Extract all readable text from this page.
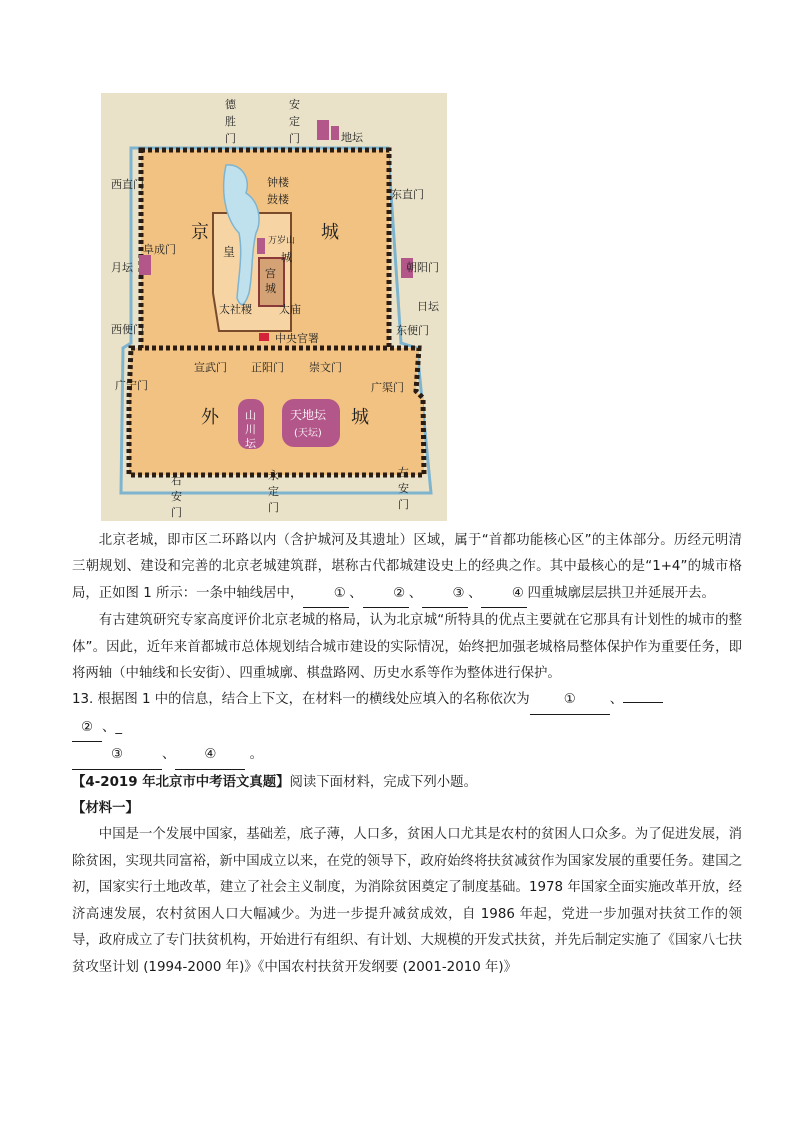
德
胜
门
安
定
门	地坛
西直门
东直门
阜成门
月坛	朝阳门
日坛
西便门	东便门
宣武门 正阳门 崇文门
广宁门	广渠门
右
安
门
永
定
门
左
安
门
京	城
外	城
钟楼
鼓楼
皇	城
万岁山
宫
城
太社稷 太庙
中央官署
山
川
坛
天地坛
(天坛)

北京老城，即市区二环路以内（含护城河及其遗址）区域，属于“首都功能核心区”的主体部分。历经元明清三朝规划、建设和完善的北京老城建筑群，堪称古代都城建设史上的经典之作。其中最核心的是“1+4”的城市格局，正如图 1 所示：一条中轴线居中， ① 、 ② 、 ③ 、 ④ 四重城廓层层拱卫并延展开去。

有古建筑研究专家高度评价北京老城的格局，认为北京城“所特具的优点主要就在它那具有计划性的城市的整体”。因此，近年来首都城市总体规划结合城市建设的实际情况，始终把加强老城格局整体保护作为重要任务，即将两轴（中轴线和长安街）、四重城廓、棋盘路网、历史水系等作为整体进行保护。

13. 根据图 1 中的信息，结合上下文，在材料一的横线处应填入的名称依次为	①	、
② 、_
③	、 ④ 。

【4-2019 年北京市中考语文真题】阅读下面材料，完成下列小题。

【材料一】

中国是一个发展中国家，基础差，底子薄，人口多，贫困人口尤其是农村的贫困人口众多。为了促进发展，消除贫困，实现共同富裕，新中国成立以来，在党的领导下，政府始终将扶贫减贫作为国家发展的重要任务。建国之初，国家实行土地改革，建立了社会主义制度，为消除贫困奠定了制度基础。1978 年国家全面实施改革开放，经济高速发展，农村贫困人口大幅减少。为进一步提升减贫成效，自 1986 年起，党进一步加强对扶贫工作的领导，政府成立了专门扶贫机构，开始进行有组织、有计划、大规模的开发式扶贫，并先后制定实施了《国家八七扶贫攻坚计划 (1994-2000 年)》《中国农村扶贫开发纲要 (2001-2010 年)》
